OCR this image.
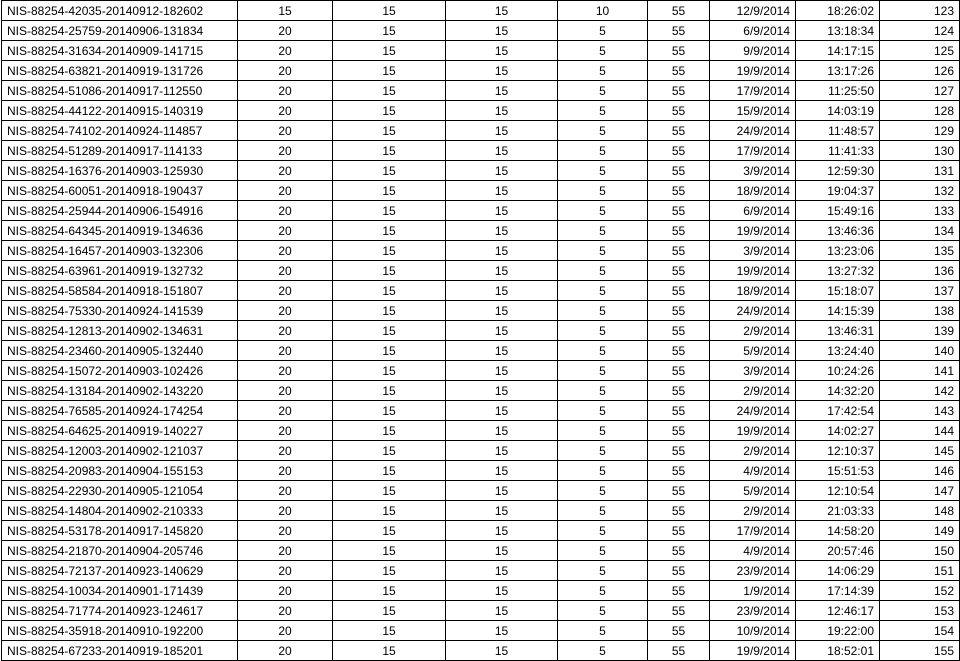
NIS-88254-42035-20140912-182602	15	15	15	10	55	12/9/2014	18:26:02	123
NIS-88254-25759-20140906-131834	20	15	15	5	55	6/9/2014	13:18:34	124
NIS-88254-31634-20140909-141715	20	15	15	5	55	9/9/2014	14:17:15	125
NIS-88254-63821-20140919-131726	20	15	15	5	55	19/9/2014	13:17:26	126
NIS-88254-51086-20140917-112550	20	15	15	5	55	17/9/2014	11:25:50	127
NIS-88254-44122-20140915-140319	20	15	15	5	55	15/9/2014	14:03:19	128
NIS-88254-74102-20140924-114857	20	15	15	5	55	24/9/2014	11:48:57	129
NIS-88254-51289-20140917-114133	20	15	15	5	55	17/9/2014	11:41:33	130
NIS-88254-16376-20140903-125930	20	15	15	5	55	3/9/2014	12:59:30	131
NIS-88254-60051-20140918-190437	20	15	15	5	55	18/9/2014	19:04:37	132
NIS-88254-25944-20140906-154916	20	15	15	5	55	6/9/2014	15:49:16	133
NIS-88254-64345-20140919-134636	20	15	15	5	55	19/9/2014	13:46:36	134
NIS-88254-16457-20140903-132306	20	15	15	5	55	3/9/2014	13:23:06	135
NIS-88254-63961-20140919-132732	20	15	15	5	55	19/9/2014	13:27:32	136
NIS-88254-58584-20140918-151807	20	15	15	5	55	18/9/2014	15:18:07	137
NIS-88254-75330-20140924-141539	20	15	15	5	55	24/9/2014	14:15:39	138
NIS-88254-12813-20140902-134631	20	15	15	5	55	2/9/2014	13:46:31	139
NIS-88254-23460-20140905-132440	20	15	15	5	55	5/9/2014	13:24:40	140
NIS-88254-15072-20140903-102426	20	15	15	5	55	3/9/2014	10:24:26	141
NIS-88254-13184-20140902-143220	20	15	15	5	55	2/9/2014	14:32:20	142
NIS-88254-76585-20140924-174254	20	15	15	5	55	24/9/2014	17:42:54	143
NIS-88254-64625-20140919-140227	20	15	15	5	55	19/9/2014	14:02:27	144
NIS-88254-12003-20140902-121037	20	15	15	5	55	2/9/2014	12:10:37	145
NIS-88254-20983-20140904-155153	20	15	15	5	55	4/9/2014	15:51:53	146
NIS-88254-22930-20140905-121054	20	15	15	5	55	5/9/2014	12:10:54	147
NIS-88254-14804-20140902-210333	20	15	15	5	55	2/9/2014	21:03:33	148
NIS-88254-53178-20140917-145820	20	15	15	5	55	17/9/2014	14:58:20	149
NIS-88254-21870-20140904-205746	20	15	15	5	55	4/9/2014	20:57:46	150
NIS-88254-72137-20140923-140629	20	15	15	5	55	23/9/2014	14:06:29	151
NIS-88254-10034-20140901-171439	20	15	15	5	55	1/9/2014	17:14:39	152
NIS-88254-71774-20140923-124617	20	15	15	5	55	23/9/2014	12:46:17	153
NIS-88254-35918-20140910-192200	20	15	15	5	55	10/9/2014	19:22:00	154
NIS-88254-67233-20140919-185201	20	15	15	5	55	19/9/2014	18:52:01	155
